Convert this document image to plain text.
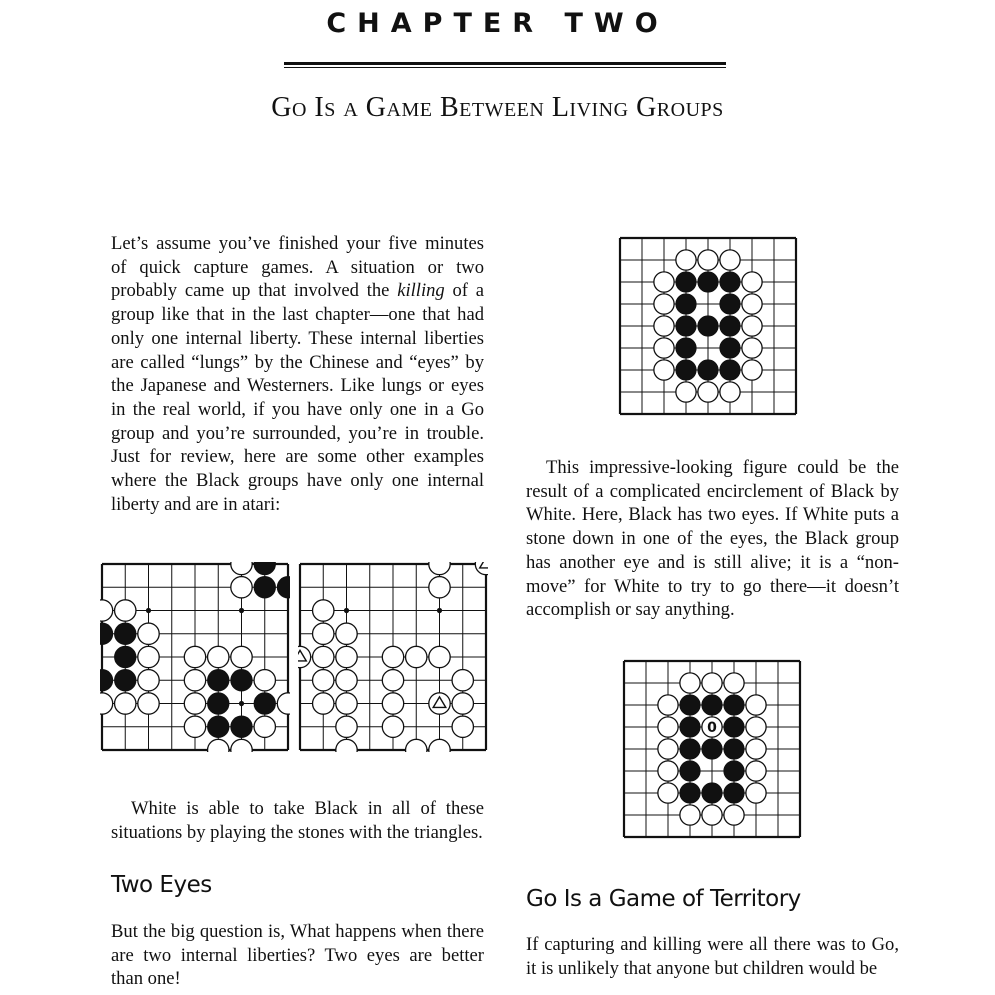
CHAPTER TWO
Go Is a Game Between Living Groups
Let’s assume you’ve finished your five minutes of quick capture games. A situation or two probably came up that involved the killing of a group like that in the last chapter—one that had only one internal liberty. These internal liberties are called “lungs” by the Chinese and “eyes” by the Japanese and Westerners. Like lungs or eyes in the real world, if you have only one in a Go group and you’re surrounded, you’re in trouble. Just for review, here are some other examples where the Black groups have only one internal liberty and are in atari:
White is able to take Black in all of these situations by playing the stones with the triangles.
Two Eyes
But the big question is, What happens when there are two internal liberties? Two eyes are better than one!
This impressive-looking figure could be the result of a complicated encirclement of Black by White. Here, Black has two eyes. If White puts a stone down in one of the eyes, the Black group has another eye and is still alive; it is a “non-move” for White to try to go there—it doesn’t accomplish or say anything.
0
Go Is a Game of Territory
If capturing and killing were all there was to Go, it is unlikely that anyone but children would be
